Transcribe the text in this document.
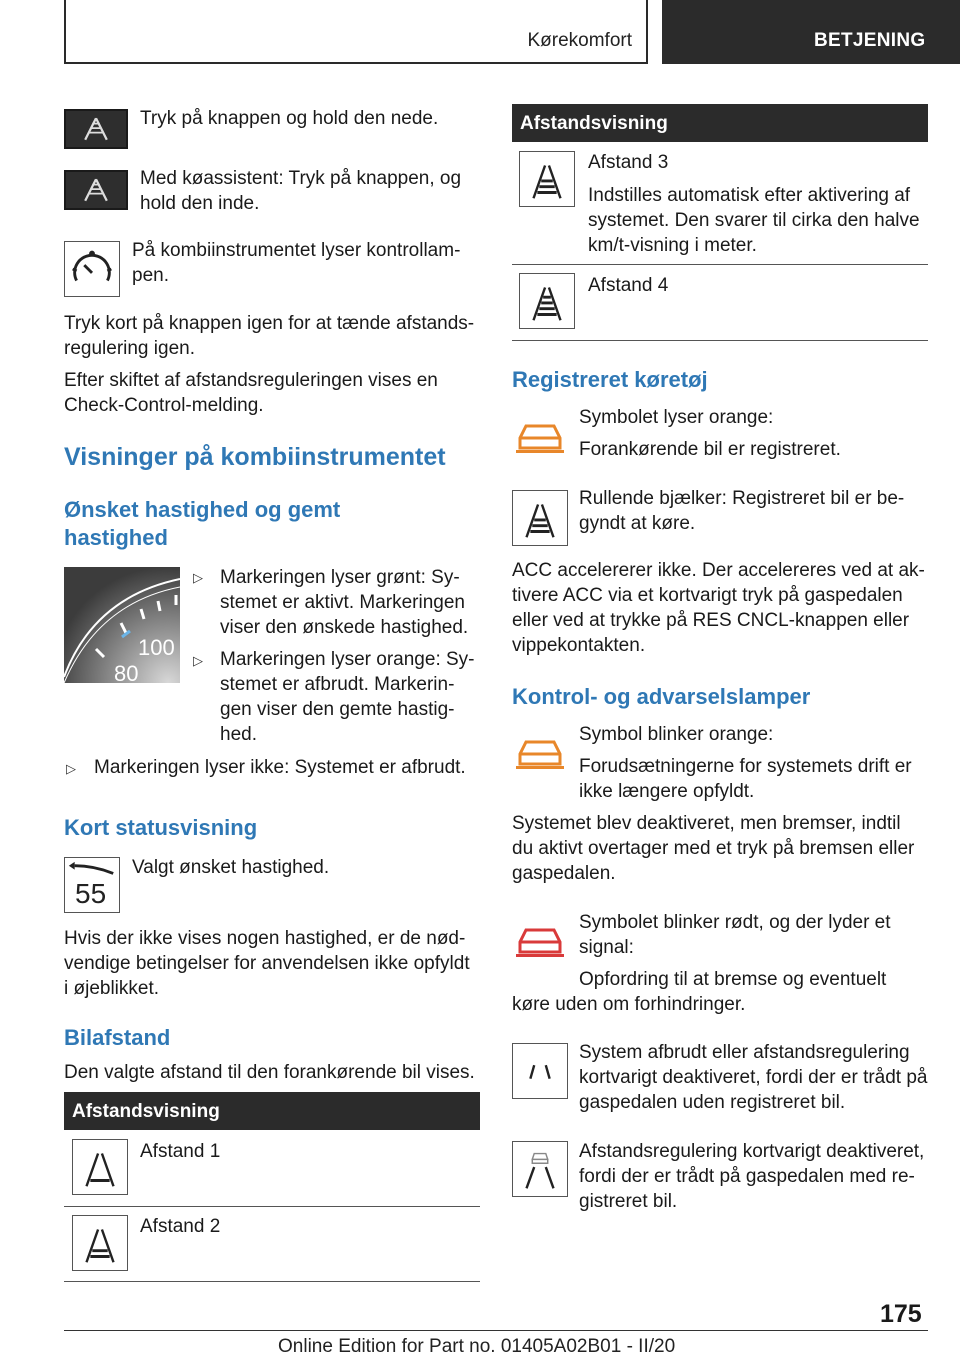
Kørekomfort	BETJENING
Tryk på knappen og hold den nede.
Med køassistent: Tryk på knappen, og
hold den inde.
På kombiinstrumentet lyser kontrollam‐
pen.
Tryk kort på knappen igen for at tænde afstands‐
regulering igen.
Efter skiftet af afstandsreguleringen vises en
Check-Control-melding.
Visninger på kombiinstrumentet
Ønsket hastighed og gemt
hastighed
100
80
▷ Markeringen lyser grønt: Sy‐
stemet er aktivt. Markeringen
viser den ønskede hastighed.
▷ Markeringen lyser orange: Sy‐
stemet er afbrudt. Markerin‐
gen viser den gemte hastig‐
hed.
▷ Markeringen lyser ikke: Systemet er afbrudt.
Kort statusvisning
55
Valgt ønsket hastighed.
Hvis der ikke vises nogen hastighed, er de nød‐
vendige betingelser for anvendelsen ikke opfyldt
i øjeblikket.
Bilafstand
Den valgte afstand til den forankørende bil vises.
Afstandsvisning
Afstand 1
Afstand 2
Afstandsvisning
Afstand 3
Indstilles automatisk efter aktivering af
systemet. Den svarer til cirka den halve
km/t-visning i meter.
Afstand 4
Registreret køretøj
Symbolet lyser orange:
Forankørende bil er registreret.
Rullende bjælker: Registreret bil er be‐
gyndt at køre.
ACC accelererer ikke. Der accelereres ved at ak‐
tivere ACC via et kortvarigt tryk på gaspedalen
eller ved at trykke på RES CNCL-knappen eller
vippekontakten.
Kontrol- og advarselslamper
Symbol blinker orange:
Forudsætningerne for systemets drift er
ikke længere opfyldt.
Systemet blev deaktiveret, men bremser, indtil
du aktivt overtager med et tryk på bremsen eller
gaspedalen.
Symbolet blinker rødt, og der lyder et
signal:
Opfordring til at bremse og eventuelt
køre uden om forhindringer.
System afbrudt eller afstandsregulering
kortvarigt deaktiveret, fordi der er trådt på
gaspedalen uden registreret bil.
Afstandsregulering kortvarigt deaktiveret,
fordi der er trådt på gaspedalen med re‐
gistreret bil.
175
Online Edition for Part no. 01405A02B01 - II/20
